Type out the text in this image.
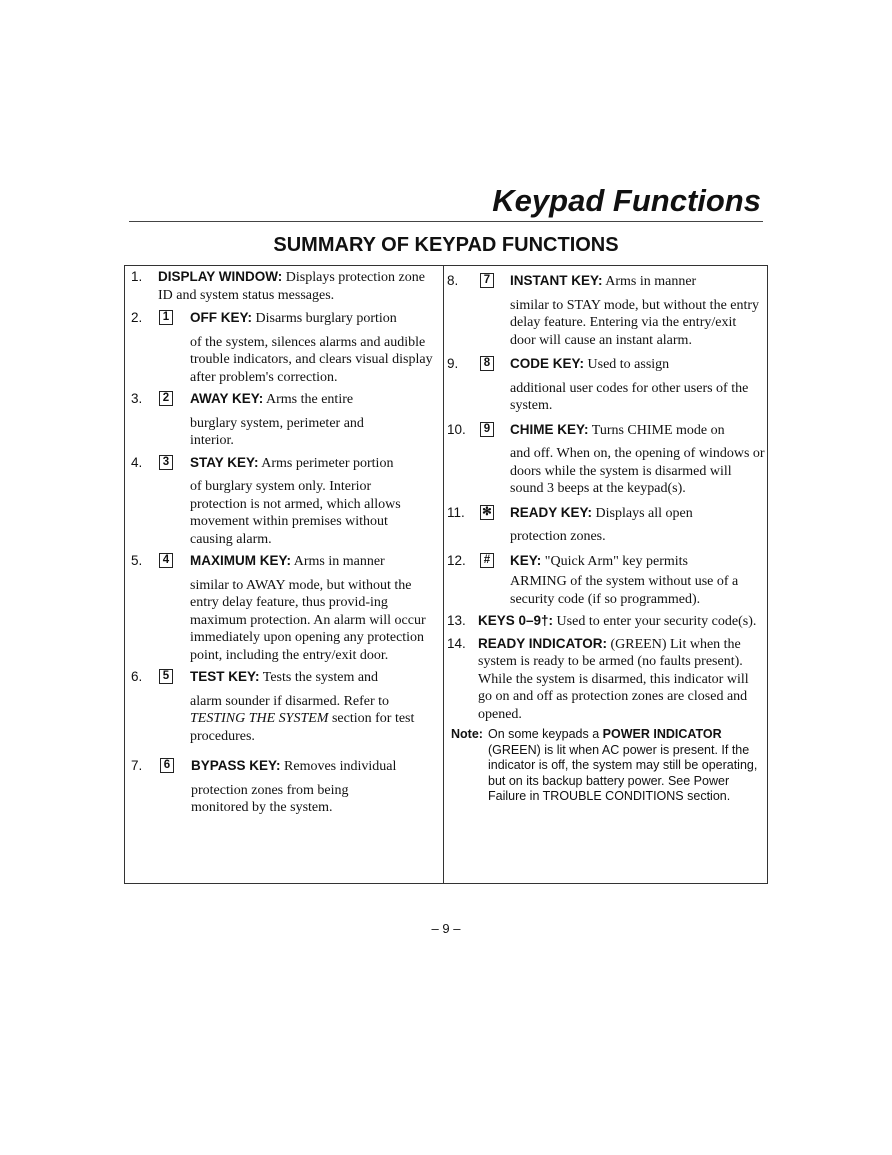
Keypad Functions
SUMMARY OF KEYPAD FUNCTIONS
1. DISPLAY WINDOW: Displays protection zone ID and system status messages.
2.	1 OFF KEY: Disarms burglary portion
of the system, silences alarms and audible trouble indicators, and clears visual display after problem's correction.
3.	2 AWAY KEY: Arms the entire
burglary system, perimeter and interior.
4.	3 STAY KEY: Arms perimeter portion
of burglary system only. Interior protection is not armed, which allows movement within premises without causing alarm.
5.	4 MAXIMUM KEY: Arms in manner
similar to AWAY mode, but without the entry delay feature, thus provid-ing maximum protection. An alarm will occur immediately upon opening any protection point, including the entry/exit door.
6.	5 TEST KEY: Tests the system and
alarm sounder if disarmed. Refer to TESTING THE SYSTEM section for test procedures.
7.	6 BYPASS KEY: Removes individual
protection zones from being monitored by the system.
8.	7 INSTANT KEY: Arms in manner
similar to STAY mode, but without the entry delay feature. Entering via the entry/exit door will cause an instant alarm.
9.	8 CODE KEY: Used to assign
additional user codes for other users of the system.
10.	9 CHIME KEY: Turns CHIME mode on
and off. When on, the opening of windows or doors while the system is disarmed will sound 3 beeps at the keypad(s).
11. ✻ READY KEY: Displays all open
protection zones.
12.	# KEY: "Quick Arm" key permits
ARMING of the system without use of a security code (if so programmed).
13. KEYS 0–9†: Used to enter your security code(s).
14. READY INDICATOR: (GREEN) Lit when the system is ready to be armed (no faults present). While the system is disarmed, this indicator will go on and off as protection zones are closed and opened.
Note: On some keypads a POWER INDICATOR (GREEN) is lit when AC power is present. If the indicator is off, the system may still be operating, but on its backup battery power. See Power Failure in TROUBLE CONDITIONS section.
– 9 –
